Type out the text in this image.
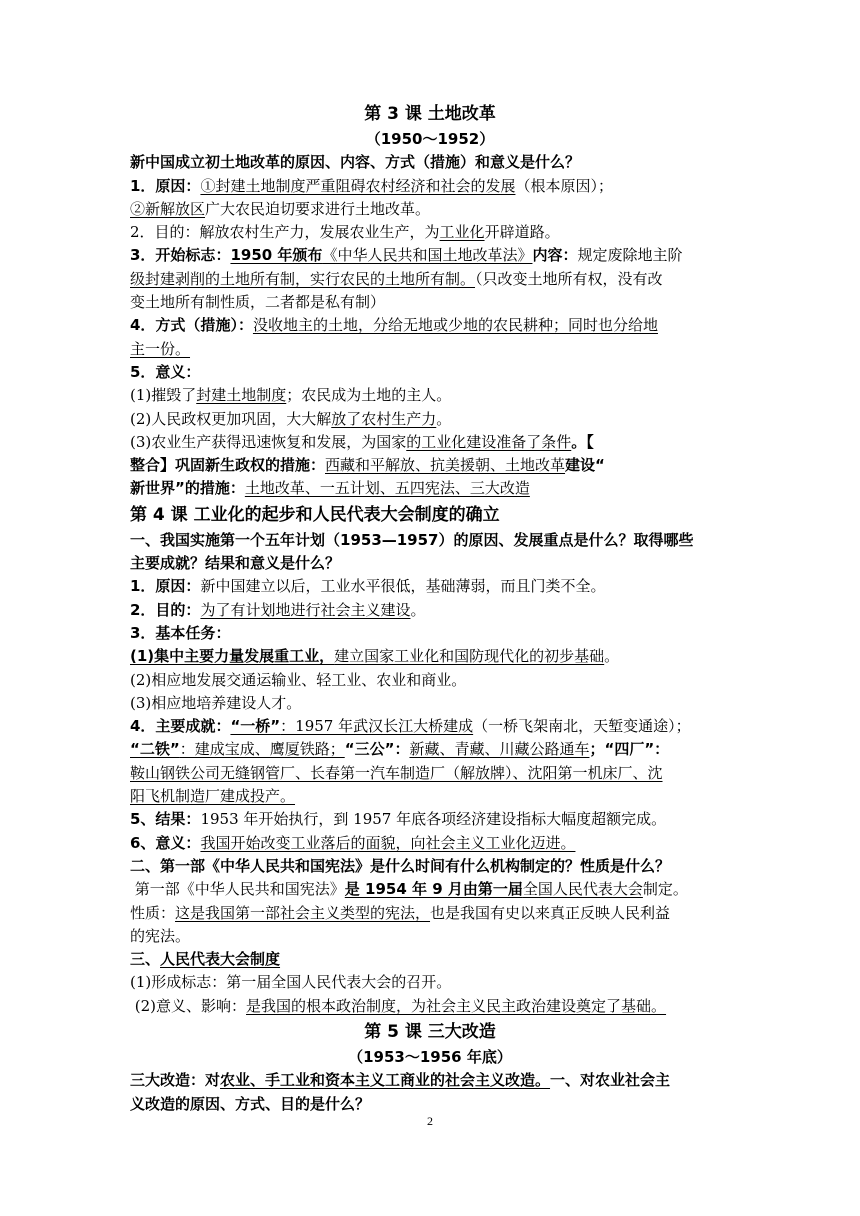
第 3 课 土地改革

（1950～1952）

新中国成立初土地改革的原因、内容、方式（措施）和意义是什么？

1．原因：①封建土地制度严重阻碍农村经济和社会的发展（根本原因）；

②新解放区广大农民迫切要求进行土地改革。

2．目的：解放农村生产力，发展农业生产，为工业化开辟道路。

3．开始标志：1950 年颁布《中华人民共和国土地改革法》内容：规定废除地主阶

级封建剥削的土地所有制，实行农民的土地所有制。（只改变土地所有权，没有改

变土地所有制性质，二者都是私有制）

4．方式（措施）：没收地主的土地，分给无地或少地的农民耕种；同时也分给地

主一份。

5．意义：

(1)摧毁了封建土地制度；农民成为土地的主人。

(2)人民政权更加巩固，大大解放了农村生产力。

(3)农业生产获得迅速恢复和发展，为国家的工业化建设准备了条件。【

整合】巩固新生政权的措施：西藏和平解放、抗美援朝、土地改革建设“

新世界”的措施：土地改革、一五计划、五四宪法、三大改造

第 4 课 工业化的起步和人民代表大会制度的确立

一、我国实施第一个五年计划（1953—1957）的原因、发展重点是什么？取得哪些

主要成就？结果和意义是什么？

1．原因：新中国建立以后，工业水平很低，基础薄弱，而且门类不全。

2．目的：为了有计划地进行社会主义建设。

3．基本任务：

(1)集中主要力量发展重工业，建立国家工业化和国防现代化的初步基础。

(2)相应地发展交通运输业、轻工业、农业和商业。

(3)相应地培养建设人才。

4．主要成就：“一桥”：1957 年武汉长江大桥建成（一桥飞架南北，天堑变通途）；

“二铁”：建成宝成、鹰厦铁路；“三公”：新藏、青藏、川藏公路通车；“四厂”：

鞍山钢铁公司无缝钢管厂、长春第一汽车制造厂（解放牌）、沈阳第一机床厂、沈

阳飞机制造厂建成投产。

5、结果：1953 年开始执行，到 1957 年底各项经济建设指标大幅度超额完成。

6、意义：我国开始改变工业落后的面貌，向社会主义工业化迈进。

二、第一部《中华人民共和国宪法》是什么时间有什么机构制定的？性质是什么？

第一部《中华人民共和国宪法》是 1954 年 9 月由第一届全国人民代表大会制定。

性质：这是我国第一部社会主义类型的宪法，也是我国有史以来真正反映人民利益

的宪法。

三、人民代表大会制度

(1)形成标志：第一届全国人民代表大会的召开。

(2)意义、影响：是我国的根本政治制度，为社会主义民主政治建设奠定了基础。

第 5 课 三大改造

（1953～1956 年底）

三大改造：对农业、手工业和资本主义工商业的社会主义改造。一、对农业社会主

义改造的原因、方式、目的是什么？

2
